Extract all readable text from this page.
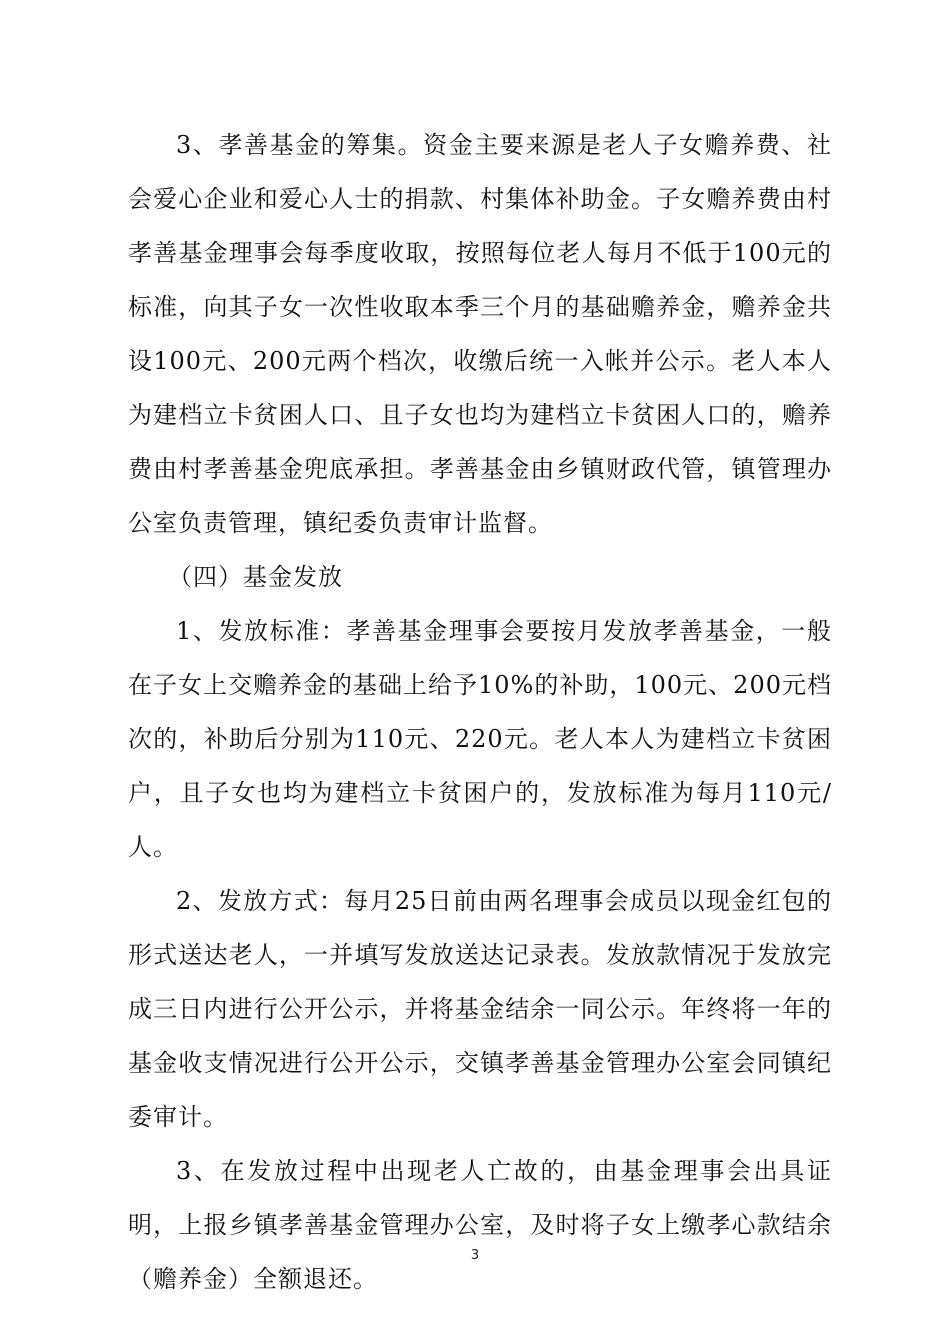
3、孝善基金的筹集。资金主要来源是老人子女赡养费、社会爱心企业和爱心人士的捐款、村集体补助金。子女赡养费由村孝善基金理事会每季度收取，按照每位老人每月不低于100元的标准，向其子女一次性收取本季三个月的基础赡养金，赡养金共设100元、200元两个档次，收缴后统一入帐并公示。老人本人为建档立卡贫困人口、且子女也均为建档立卡贫困人口的，赡养费由村孝善基金兜底承担。孝善基金由乡镇财政代管，镇管理办公室负责管理，镇纪委负责审计监督。

（四）基金发放

1、发放标准：孝善基金理事会要按月发放孝善基金，一般在子女上交赡养金的基础上给予10%的补助，100元、200元档次的，补助后分别为110元、220元。老人本人为建档立卡贫困户，且子女也均为建档立卡贫困户的，发放标准为每月110元/人。

2、发放方式：每月25日前由两名理事会成员以现金红包的形式送达老人，一并填写发放送达记录表。发放款情况于发放完成三日内进行公开公示，并将基金结余一同公示。年终将一年的基金收支情况进行公开公示，交镇孝善基金管理办公室会同镇纪委审计。

3、在发放过程中出现老人亡故的，由基金理事会出具证明，上报乡镇孝善基金管理办公室，及时将子女上缴孝心款结余（赡养金）全额退还。

3
